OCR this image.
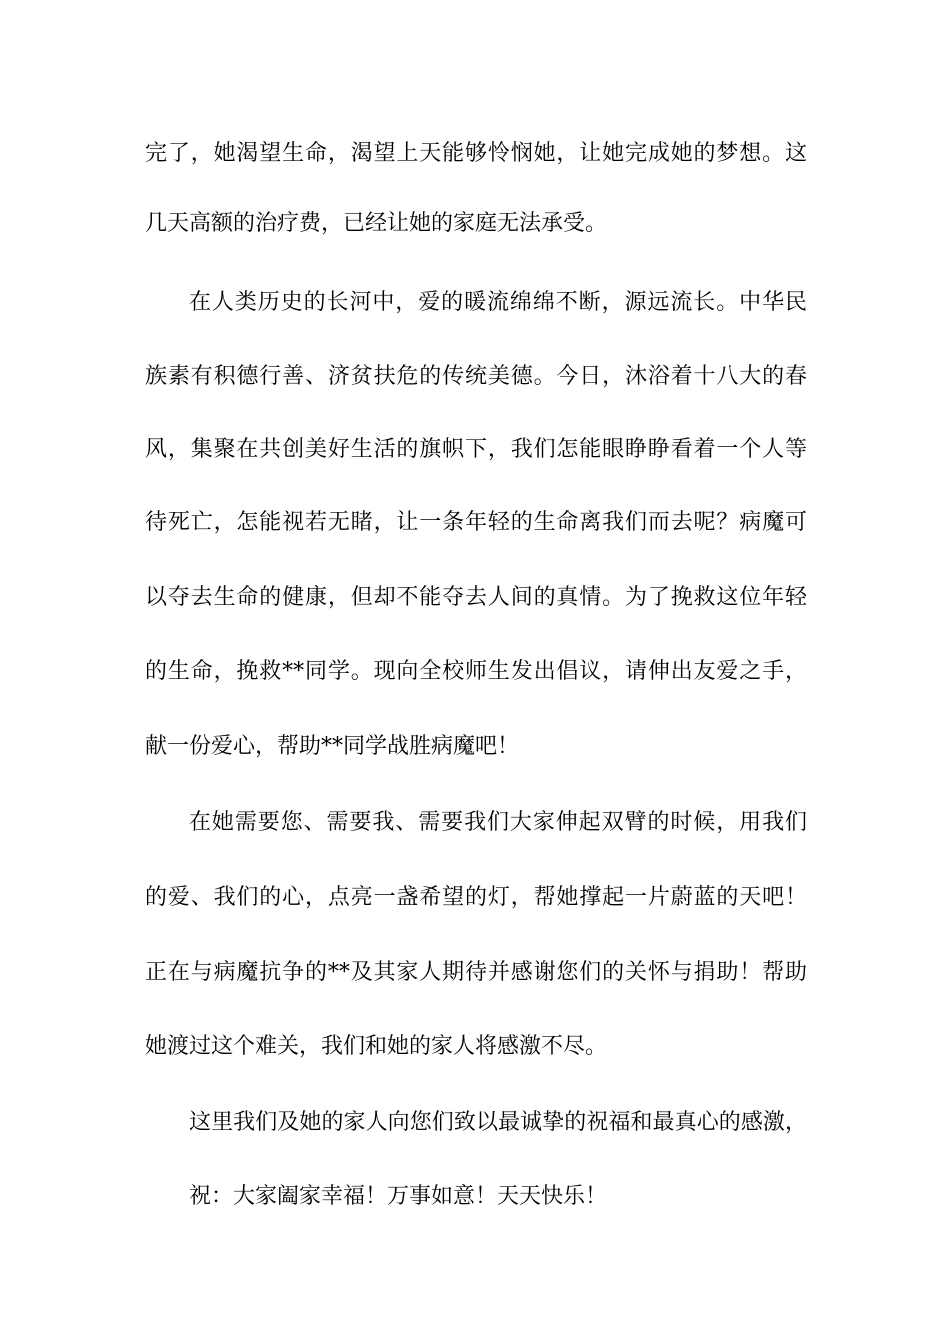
完了，她渴望生命，渴望上天能够怜悯她，让她完成她的梦想。这

几天高额的治疗费，已经让她的家庭无法承受。

在人类历史的长河中，爱的暖流绵绵不断，源远流长。中华民

族素有积德行善、济贫扶危的传统美德。今日，沐浴着十八大的春

风，集聚在共创美好生活的旗帜下，我们怎能眼睁睁看着一个人等

待死亡，怎能视若无睹，让一条年轻的生命离我们而去呢？病魔可

以夺去生命的健康，但却不能夺去人间的真情。为了挽救这位年轻

的生命，挽救**同学。现向全校师生发出倡议，请伸出友爱之手，

献一份爱心，帮助**同学战胜病魔吧！

在她需要您、需要我、需要我们大家伸起双臂的时候，用我们

的爱、我们的心，点亮一盏希望的灯，帮她撑起一片蔚蓝的天吧！

正在与病魔抗争的**及其家人期待并感谢您们的关怀与捐助！帮助

她渡过这个难关，我们和她的家人将感激不尽。

这里我们及她的家人向您们致以最诚挚的祝福和最真心的感激，

祝：大家阖家幸福！万事如意！天天快乐！
